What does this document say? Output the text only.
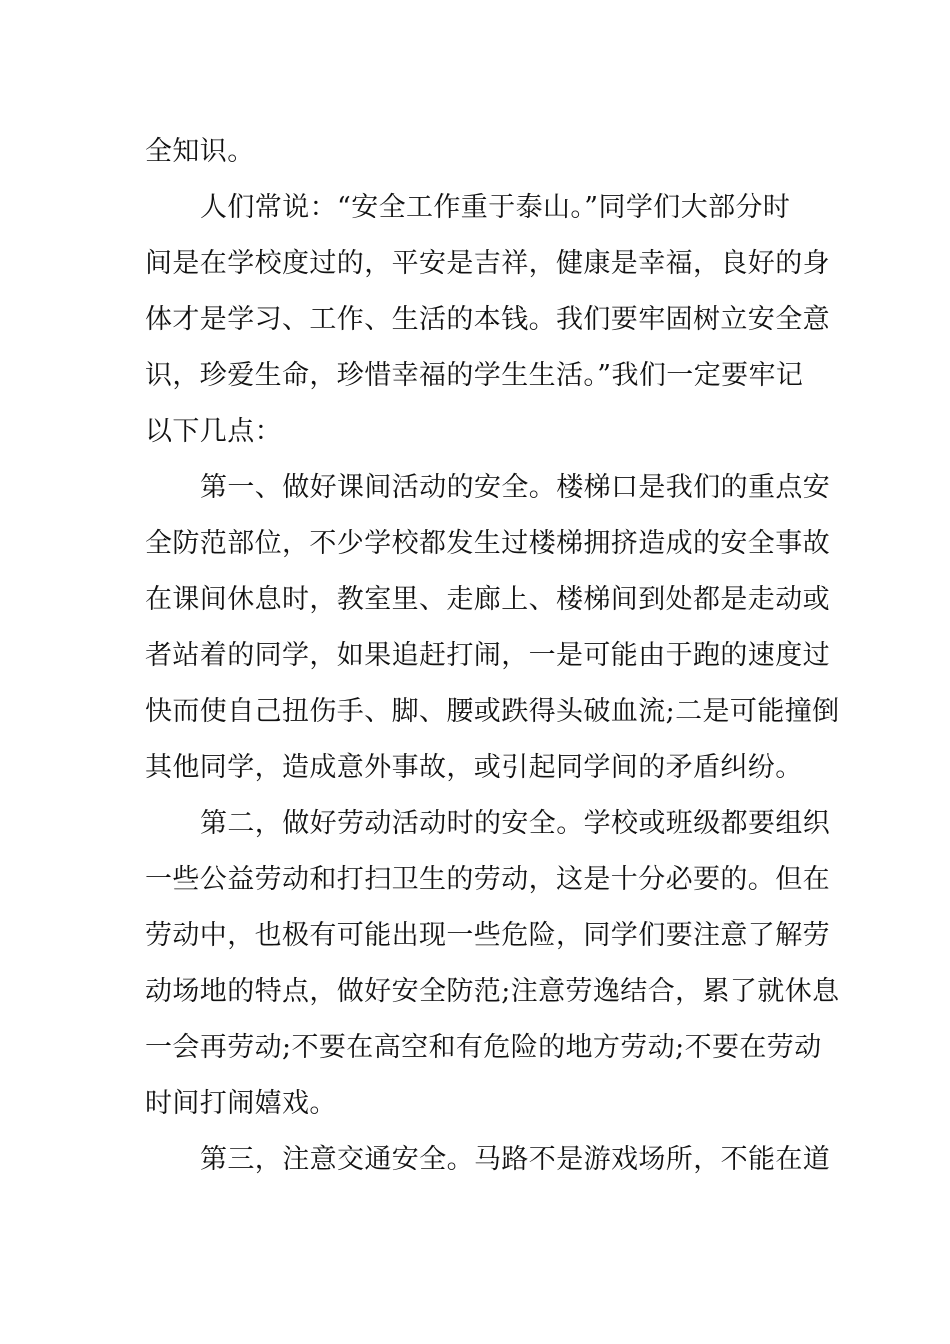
全知识。

人们常说：“安全工作重于泰山。”同学们大部分时
间是在学校度过的，平安是吉祥，健康是幸福，良好的身
体才是学习、工作、生活的本钱。我们要牢固树立安全意
识，珍爱生命，珍惜幸福的学生生活。”我们一定要牢记
以下几点：

第一、做好课间活动的安全。楼梯口是我们的重点安
全防范部位，不少学校都发生过楼梯拥挤造成的安全事故
在课间休息时，教室里、走廊上、楼梯间到处都是走动或
者站着的同学，如果追赶打闹，一是可能由于跑的速度过
快而使自己扭伤手、脚、腰或跌得头破血流;二是可能撞倒
其他同学，造成意外事故，或引起同学间的矛盾纠纷。

第二，做好劳动活动时的安全。学校或班级都要组织
一些公益劳动和打扫卫生的劳动，这是十分必要的。但在
劳动中，也极有可能出现一些危险，同学们要注意了解劳
动场地的特点，做好安全防范;注意劳逸结合，累了就休息
一会再劳动;不要在高空和有危险的地方劳动;不要在劳动
时间打闹嬉戏。

第三，注意交通安全。马路不是游戏场所，不能在道
